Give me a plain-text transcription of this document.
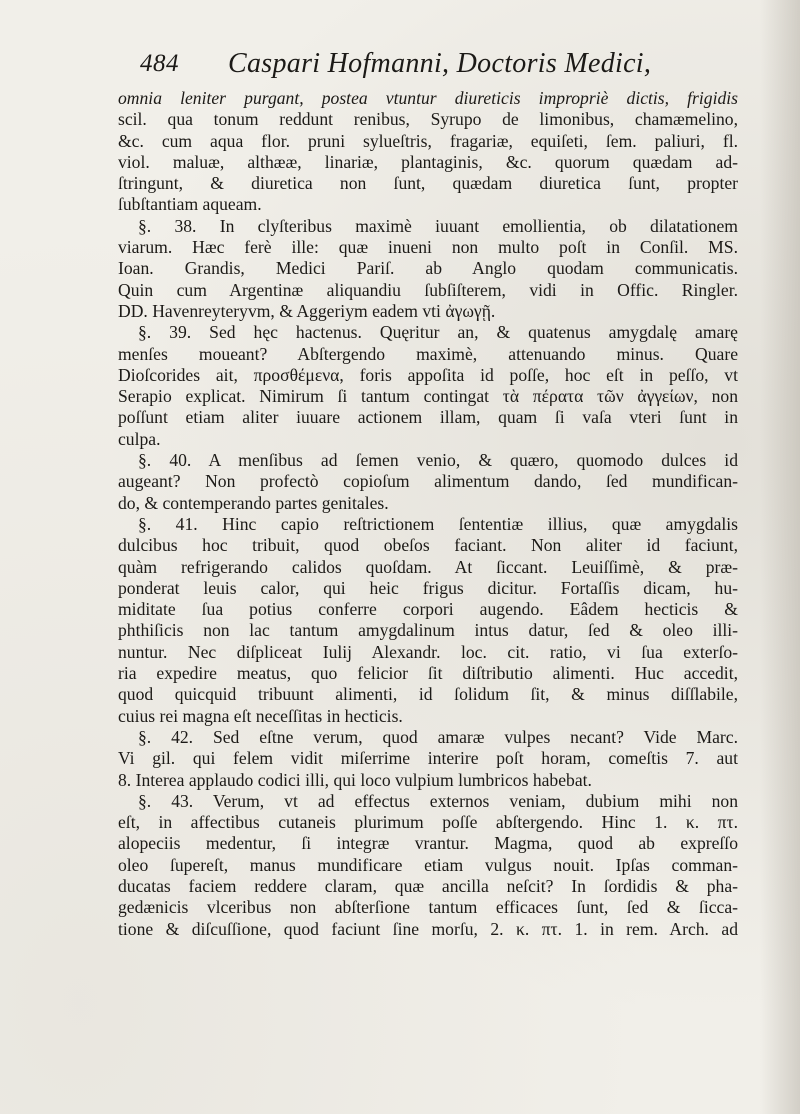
484 Caspari Hofmanni, Doctoris Medici,
omnia leniter purgant, postea vtuntur diureticis impropriè dictis, frigidis
scil. qua tonum reddunt renibus, Syrupo de limonibus, chamæmelino,
&c. cum aqua flor. pruni sylueſtris, fragariæ, equiſeti, ſem. paliuri, fl.
viol. maluæ, althææ, linariæ, plantaginis, &c. quorum quædam ad-
ſtringunt, & diuretica non ſunt, quædam diuretica ſunt, propter
ſubſtantiam aqueam.
§. 38. In clyſteribus maximè iuuant emollientia, ob dilatationem
viarum. Hæc ferè ille: quæ inueni non multo poſt in Conſil. MS.
Ioan. Grandis, Medici Pariſ. ab Anglo quodam communicatis.
Quin cum Argentinæ aliquandiu ſubſiſterem, vidi in Offic. Ringler.
DD. Havenreyteryvm, & Aggeriym eadem vti ἀγωγῇ.
§. 39. Sed hęc hactenus. Quęritur an, & quatenus amygdalę amarę
menſes moueant? Abſtergendo maximè, attenuando minus. Quare
Dioſcorides ait, προσθέμενα, foris appoſita id poſſe, hoc eſt in peſſo, vt
Serapio explicat. Nimirum ſi tantum contingat τὰ πέρατα τῶν ἀγγείων, non
poſſunt etiam aliter iuuare actionem illam, quam ſi vaſa vteri ſunt in
culpa.
§. 40. A menſibus ad ſemen venio, & quæro, quomodo dulces id
augeant? Non profectò copioſum alimentum dando, ſed mundifican-
do, & contemperando partes genitales.
§. 41. Hinc capio reſtrictionem ſententiæ illius, quæ amygdalis
dulcibus hoc tribuit, quod obeſos faciant. Non aliter id faciunt,
quàm refrigerando calidos quoſdam. At ſiccant. Leuiſſimè, & præ-
ponderat leuis calor, qui heic frigus dicitur. Fortaſſis dicam, hu-
miditate ſua potius conferre corpori augendo. Eâdem hecticis &
phthiſicis non lac tantum amygdalinum intus datur, ſed & oleo illi-
nuntur. Nec diſpliceat Iulij Alexandr. loc. cit. ratio, vi ſua exterſo-
ria expedire meatus, quo felicior ſit diſtributio alimenti. Huc accedit,
quod quicquid tribuunt alimenti, id ſolidum ſit, & minus diſſlabile,
cuius rei magna eſt neceſſitas in hecticis.
§. 42. Sed eſtne verum, quod amaræ vulpes necant? Vide Marc.
Vi gil. qui felem vidit miſerrime interire poſt horam, comeſtis 7. aut
8. Interea applaudo codici illi, qui loco vulpium lumbricos habebat.
§. 43. Verum, vt ad effectus externos veniam, dubium mihi non
eſt, in affectibus cutaneis plurimum poſſe abſtergendo. Hinc 1. κ. πτ.
alopeciis medentur, ſi integræ vrantur. Magma, quod ab expreſſo
oleo ſupereſt, manus mundificare etiam vulgus nouit. Ipſas comman-
ducatas faciem reddere claram, quæ ancilla neſcit? In ſordidis & pha-
gedænicis vlceribus non abſterſione tantum efficaces ſunt, ſed & ſicca-
tione & diſcuſſione, quod faciunt ſine morſu, 2. κ. πτ. 1. in rem. Arch. ad
